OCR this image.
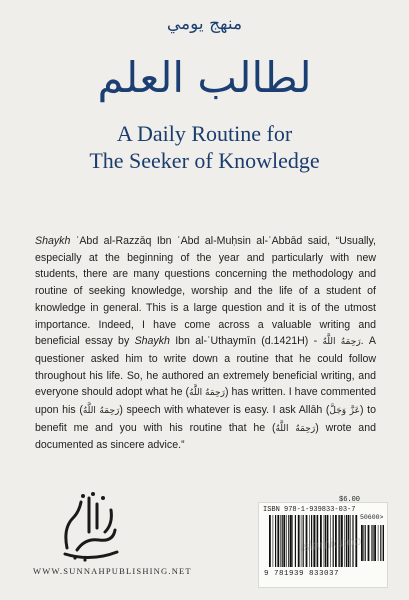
منهج يومي
لطالب العلم
A Daily Routine for
The Seeker of Knowledge

Shaykh ʿAbd al-Razzāq Ibn ʿAbd al-Muḥsin al-ʿAbbād said, “Usually, especially at the beginning of the year and particularly with new students, there are many questions concerning the methodology and routine of seeking knowledge, worship and the life of a student of knowledge in general. This is a large question and it is of the utmost importance. Indeed, I have come across a valuable writing and beneficial essay by Shaykh Ibn al-ʿUthaymīn (d.1421H) - رَحِمَهُ اللَّهُ. A questioner asked him to write down a routine that he could follow throughout his life. So, he authored an extremely beneficial writing, and everyone should adopt what he (رَحِمَهُ اللَّهُ) has written. I have commented upon his (رَحِمَهُ اللَّهُ) speech with whatever is easy. I ask Allāh (عَزَّ وَجَلَّ) to benefit me and you with his routine that he (رَحِمَهُ اللَّهُ) wrote and documented as sincere advice.”

WWW.SUNNAHPUBLISHING.NET
$6.00
ISBN 978-1-939833-03-7
50600>
9 781939 833037
islamicboo
